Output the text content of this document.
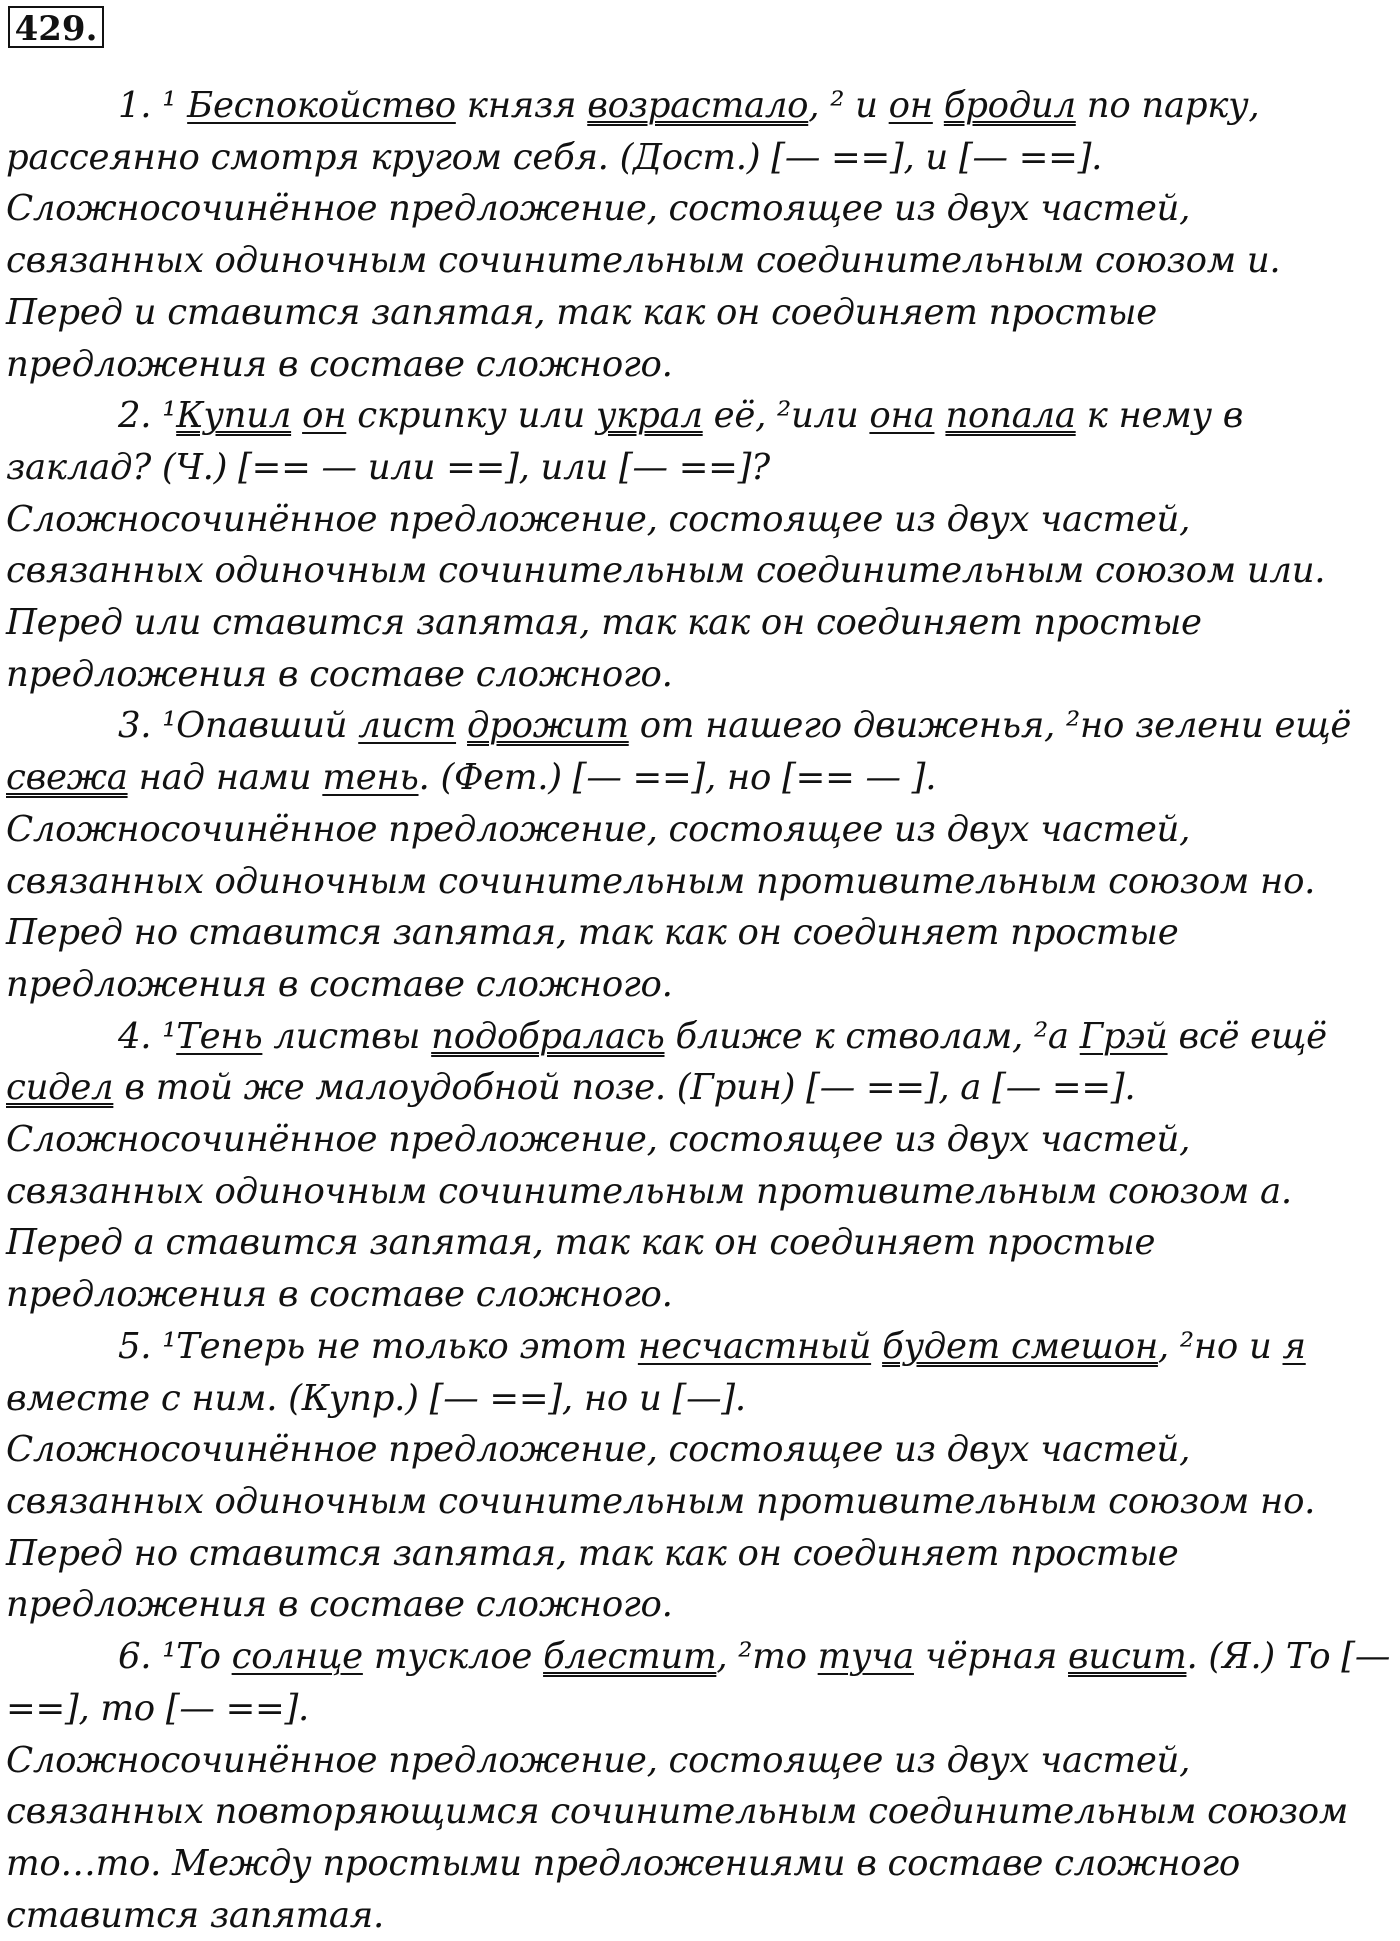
429.

1. ¹ Беспокойство князя возрастало, ² и он бродил по парку, рассеянно смотря кругом себя. (Дост.) [— ==], и [— ==].

Сложносочинённое предложение, состоящее из двух частей, связанных одиночным сочинительным соединительным союзом и. Перед и ставится запятая, так как он соединяет простые предложения в составе сложного.

2. ¹Купил он скрипку или украл её, ²или она попала к нему в заклад? (Ч.) [== — или ==], или [— ==]?

Сложносочинённое предложение, состоящее из двух частей, связанных одиночным сочинительным соединительным союзом или. Перед или ставится запятая, так как он соединяет простые предложения в составе сложного.

3. ¹Опавший лист дрожит от нашего движенья, ²но зелени ещё свежа над нами тень. (Фет.) [— ==], но [== — ].

Сложносочинённое предложение, состоящее из двух частей, связанных одиночным сочинительным противительным союзом но. Перед но ставится запятая, так как он соединяет простые предложения в составе сложного.

4. ¹Тень листвы подобралась ближе к стволам, ²а Грэй всё ещё сидел в той же малоудобной позе. (Грин) [— ==], а [— ==].

Сложносочинённое предложение, состоящее из двух частей, связанных одиночным сочинительным противительным союзом а. Перед а ставится запятая, так как он соединяет простые предложения в составе сложного.

5. ¹Теперь не только этот несчастный будет смешон, ²но и я вместе с ним. (Купр.) [— ==], но и [—].

Сложносочинённое предложение, состоящее из двух частей, связанных одиночным сочинительным противительным союзом но. Перед но ставится запятая, так как он соединяет простые предложения в составе сложного.

6. ¹То солнце тусклое блестит, ²то туча чёрная висит. (Я.) То [— ==], то [— ==].

Сложносочинённое предложение, состоящее из двух частей, связанных повторяющимся сочинительным соединительным союзом то…то. Между простыми предложениями в составе сложного ставится запятая.
